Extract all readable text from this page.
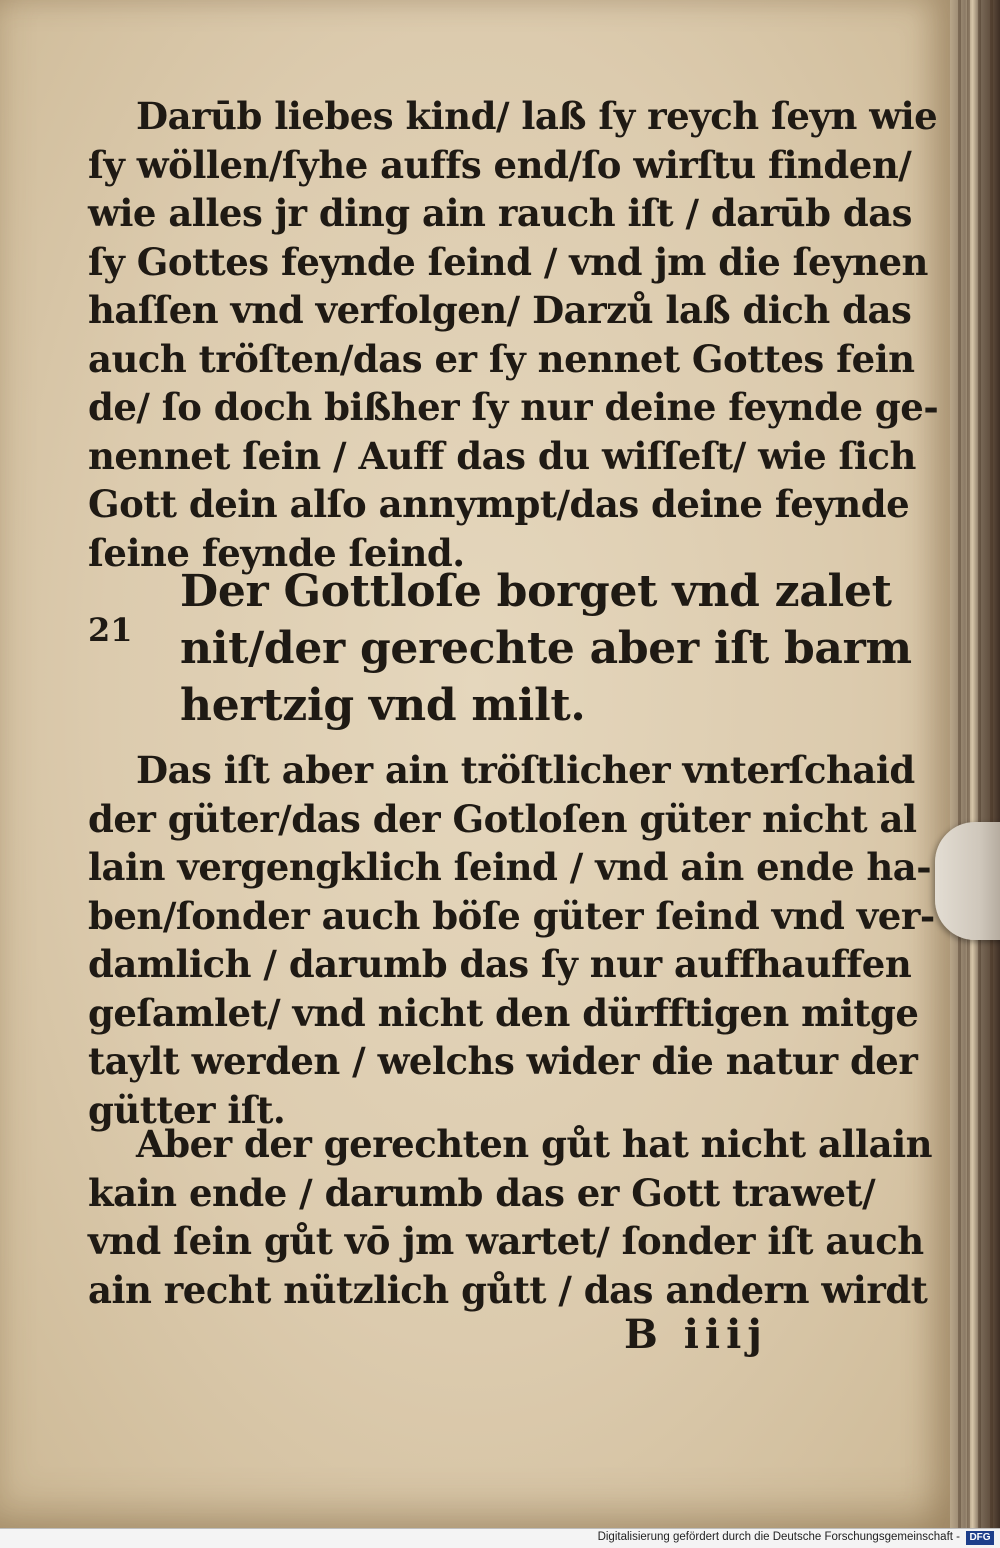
Darūb liebes kind/ laß ſy reych ſeyn wie
ſy wöllen/ſyhe auffs end/ſo wirſtu finden/
wie alles jr ding ain rauch iſt / darūb das
ſy Gottes feynde ſeind / vnd jm die ſeynen
haſſen vnd verfolgen/ Darzů laß dich das
auch tröſten/das er ſy nennet Gottes fein
de/ ſo doch bißher ſy nur deine feynde ge-
nennet ſein / Auff das du wiſſeſt/ wie ſich
Gott dein alſo annympt/das deine feynde
ſeine feynde ſeind.
21
Der Gottloſe borget vnd zalet
nit/der gerechte aber iſt barm
hertzig vnd milt.
Das iſt aber ain tröſtlicher vnterſchaid
der güter/das der Gotloſen güter nicht al
lain vergengklich ſeind / vnd ain ende ha-
ben/ſonder auch böſe güter ſeind vnd ver-
damlich / darumb das ſy nur auffhauffen
geſamlet/ vnd nicht den dürfftigen mitge
taylt werden / welchs wider die natur der
gütter iſt.
Aber der gerechten gůt hat nicht allain
kain ende / darumb das er Gott trawet/
vnd ſein gůt vō jm wartet/ ſonder iſt auch
ain recht nützlich gůtt / das andern wirdt
B iiij
Digitalisierung gefördert durch die Deutsche Forschungsgemeinschaft - DFG
